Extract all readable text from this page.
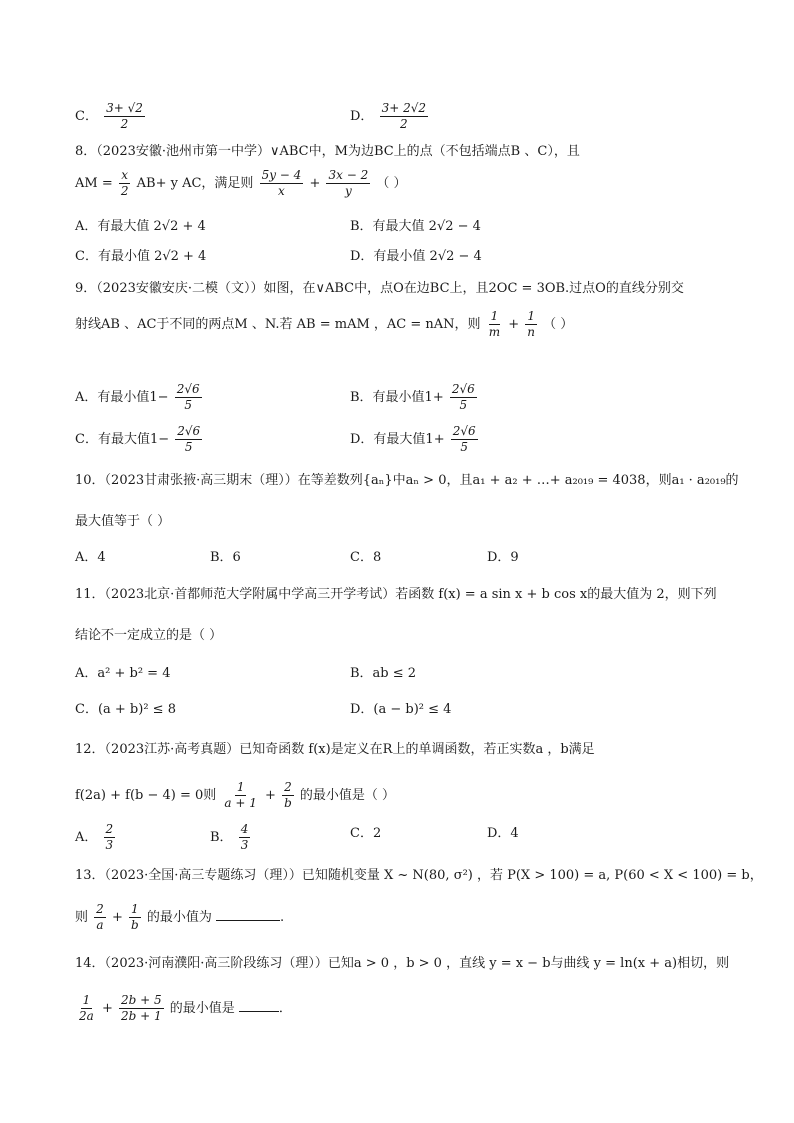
C． $\frac{3+ √2}{2}$	D． $\frac{3+ 2√2}{2}$
8．（2023安徽·池州市第一中学）∨ABC中，M为边BC上的点（不包括端点B 、C），且
AM = $\frac{x}{2} AB+ y$ AC，满足则 $\frac{5y - 4}{x} + \frac{3x - 2}{y}$ （ ）
A．有最大值 2√2 + 4	B．有最大值 2√2 − 4
C．有最小值 2√2 + 4	D．有最小值 2√2 − 4
9．（2023安徽安庆·二模（文））如图，在∨ABC中，点O在边BC上，且2OC = 3OB.过点O的直线分别交
射线AB 、AC于不同的两点M 、N.若 AB = mAM ，AC = nAN，则 $\frac{1}{m} + \frac{1}{n}$ （ ）
A．有最小值$1- \frac{2√6}{5}$	B．有最小值$1+ \frac{2√6}{5}$
C．有最大值$1- \frac{2√6}{5}$	D．有最大值$1+ \frac{2√6}{5}$
10．（2023甘肃张掖·高三期末（理））在等差数列{aₙ}中aₙ > 0，且a₁ + a₂ + …+ a₂₀₁₉ = 4038，则a₁ · a₂₀₁₉的
最大值等于（ ）
A．4	B．6	C．8	D．9
11．（2023北京·首都师范大学附属中学高三开学考试）若函数 f(x) = a sin x + b cos x的最大值为 2，则下列
结论不一定成立的是（ ）
A．a² + b² = 4	B．ab ≤ 2
C．(a + b)² ≤ 8	D．(a − b)² ≤ 4
12．（2023江苏·高考真题）已知奇函数 f(x)是定义在R上的单调函数，若正实数a ，b满足
f(2a) + f(b − 4) = 0则 $\frac{1}{a + 1} + \frac{2}{b}$ 的最小值是（ ）
A． $\frac{2}{3}$	B． $\frac{4}{3}$	C．2	D．4
13．（2023·全国·高三专题练习（理））已知随机变量 X ~ N(80, σ²) ，若 P(X > 100) = a, P(60 < X < 100) = b，
则 $\frac{2}{a} + \frac{1}{b}$ 的最小值为	.
14．（2023·河南濮阳·高三阶段练习（理））已知a > 0 ，b > 0 ，直线 y = x − b与曲线 y = ln(x + a)相切，则
$\frac{1}{2a} + \frac{2b + 5}{2b + 1}$ 的最小值是	．
